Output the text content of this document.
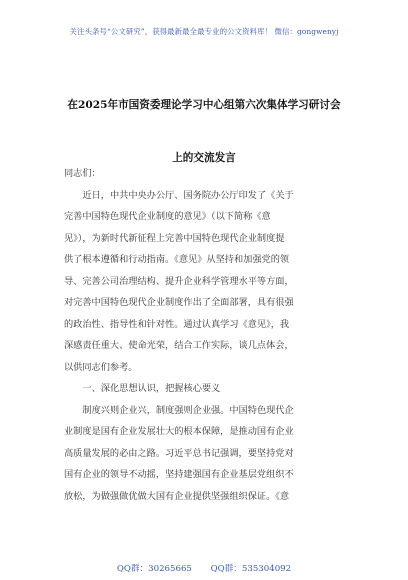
关注头条号“公文研究”，获得最新最全最专业的公文资料库！ 微信：gongwenyj
在2025年市国资委理论学习中心组第六次集体学习研讨会
上的交流发言
同志们：
近日，中共中央办公厅、国务院办公厅印发了《关于
完善中国特色现代企业制度的意见》（以下简称《意
见》），为新时代新征程上完善中国特色现代企业制度提
供了根本遵循和行动指南。《意见》从坚持和加强党的领
导、完善公司治理结构、提升企业科学管理水平等方面，
对完善中国特色现代企业制度作出了全面部署，具有很强
的政治性、指导性和针对性。通过认真学习《意见》，我
深感责任重大、使命光荣，结合工作实际，谈几点体会，
以供同志们参考。
一、深化思想认识，把握核心要义
制度兴则企业兴，制度强则企业强。中国特色现代企
业制度是国有企业发展壮大的根本保障，是推动国有企业
高质量发展的必由之路。习近平总书记强调，要坚持党对
国有企业的领导不动摇，坚持建强国有企业基层党组织不
放松，为做强做优做大国有企业提供坚强组织保证。《意
QQ群：30265665 QQ群：535304092
